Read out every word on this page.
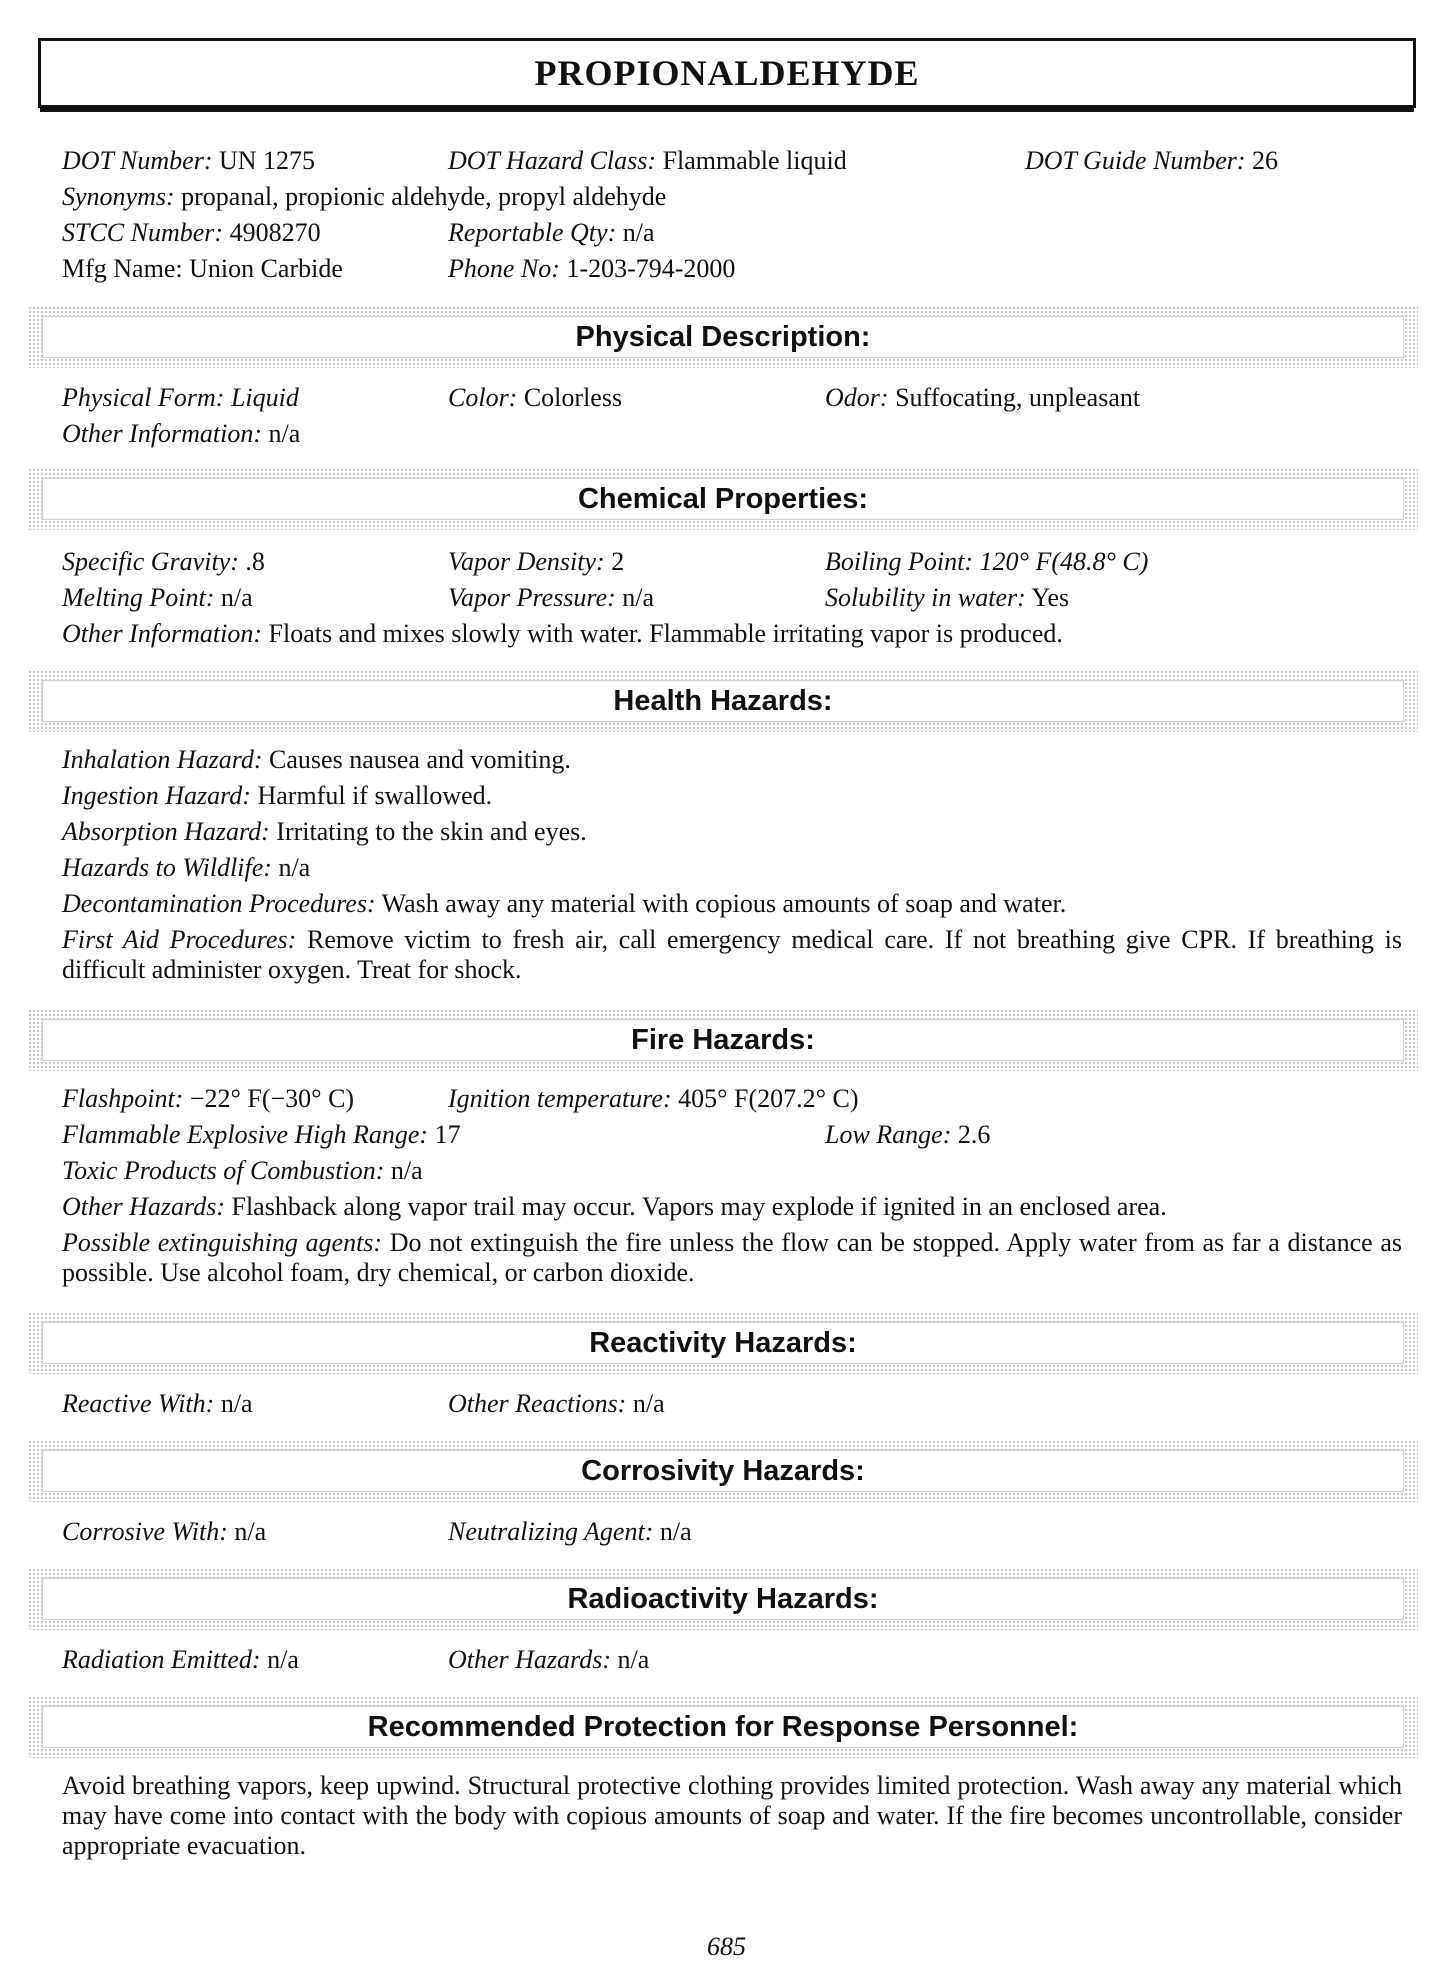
PROPIONALDEHYDE
DOT Number: UN 1275	DOT Hazard Class: Flammable liquid	DOT Guide Number: 26
Synonyms: propanal, propionic aldehyde, propyl aldehyde
STCC Number: 4908270	Reportable Qty: n/a
Mfg Name: Union Carbide	Phone No: 1-203-794-2000
Physical Description:
Physical Form: Liquid	Color: Colorless	Odor: Suffocating, unpleasant
Other Information: n/a
Chemical Properties:
Specific Gravity: .8	Vapor Density: 2	Boiling Point: 120° F(48.8° C)
Melting Point: n/a	Vapor Pressure: n/a	Solubility in water: Yes
Other Information: Floats and mixes slowly with water. Flammable irritating vapor is produced.
Health Hazards:
Inhalation Hazard: Causes nausea and vomiting.
Ingestion Hazard: Harmful if swallowed.
Absorption Hazard: Irritating to the skin and eyes.
Hazards to Wildlife: n/a
Decontamination Procedures: Wash away any material with copious amounts of soap and water.
First Aid Procedures: Remove victim to fresh air, call emergency medical care. If not breathing give CPR. If breathing is difficult administer oxygen. Treat for shock.
Fire Hazards:
Flashpoint: −22° F(−30° C)	Ignition temperature: 405° F(207.2° C)
Flammable Explosive High Range: 17	Low Range: 2.6
Toxic Products of Combustion: n/a
Other Hazards: Flashback along vapor trail may occur. Vapors may explode if ignited in an enclosed area.
Possible extinguishing agents: Do not extinguish the fire unless the flow can be stopped. Apply water from as far a distance as possible. Use alcohol foam, dry chemical, or carbon dioxide.
Reactivity Hazards:
Reactive With: n/a	Other Reactions: n/a
Corrosivity Hazards:
Corrosive With: n/a	Neutralizing Agent: n/a
Radioactivity Hazards:
Radiation Emitted: n/a	Other Hazards: n/a
Recommended Protection for Response Personnel:
Avoid breathing vapors, keep upwind. Structural protective clothing provides limited protection. Wash away any material which may have come into contact with the body with copious amounts of soap and water. If the fire becomes uncontrollable, consider appropriate evacuation.
685
